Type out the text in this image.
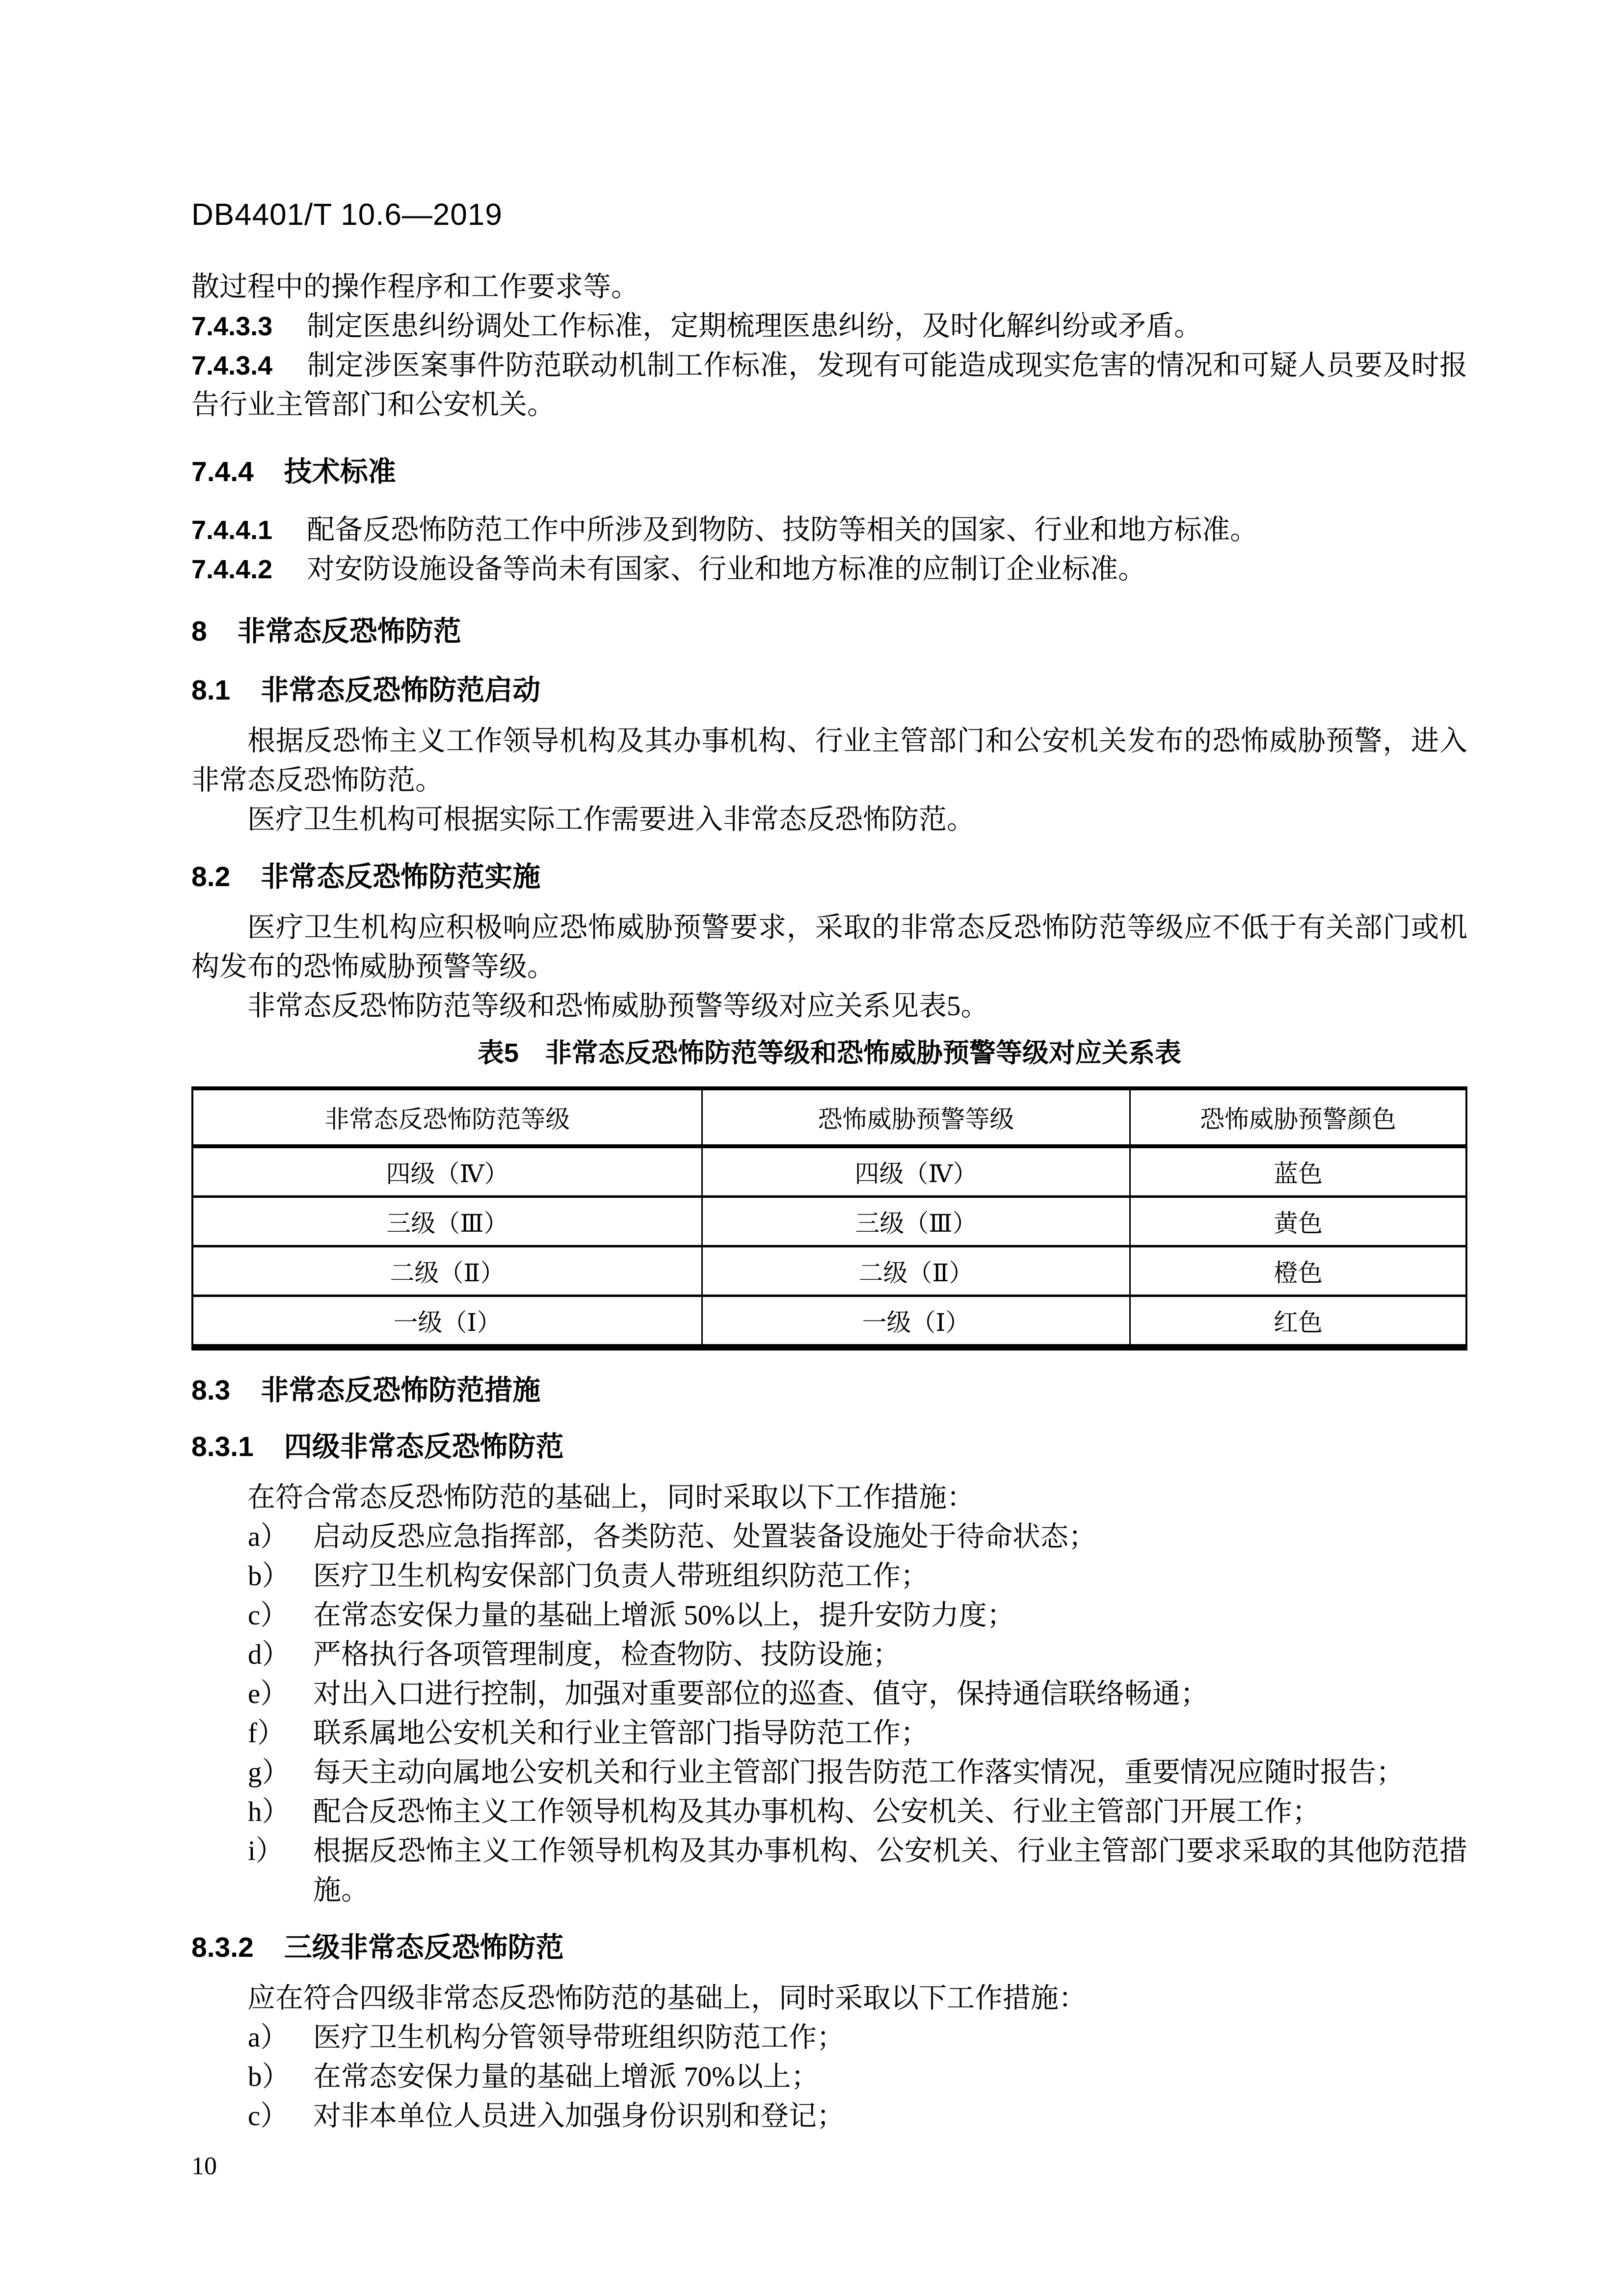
DB4401/T 10.6—2019

散过程中的操作程序和工作要求等。

7.4.3.3 制定医患纠纷调处工作标准，定期梳理医患纠纷，及时化解纠纷或矛盾。

7.4.3.4 制定涉医案事件防范联动机制工作标准，发现有可能造成现实危害的情况和可疑人员要及时报告行业主管部门和公安机关。

7.4.4 技术标准

7.4.4.1 配备反恐怖防范工作中所涉及到物防、技防等相关的国家、行业和地方标准。

7.4.4.2 对安防设施设备等尚未有国家、行业和地方标准的应制订企业标准。

8 非常态反恐怖防范
8.1 非常态反恐怖防范启动

根据反恐怖主义工作领导机构及其办事机构、行业主管部门和公安机关发布的恐怖威胁预警，进入非常态反恐怖防范。

医疗卫生机构可根据实际工作需要进入非常态反恐怖防范。

8.2 非常态反恐怖防范实施

医疗卫生机构应积极响应恐怖威胁预警要求，采取的非常态反恐怖防范等级应不低于有关部门或机构发布的恐怖威胁预警等级。

非常态反恐怖防范等级和恐怖威胁预警等级对应关系见表5。

表5　非常态反恐怖防范等级和恐怖威胁预警等级对应关系表
非常态反恐怖防范等级	恐怖威胁预警等级	恐怖威胁预警颜色
四级（Ⅳ）	四级（Ⅳ）	蓝色
三级（Ⅲ）	三级（Ⅲ）	黄色
二级（Ⅱ）	二级（Ⅱ）	橙色
一级（Ⅰ）	一级（Ⅰ）	红色
8.3 非常态反恐怖防范措施
8.3.1 四级非常态反恐怖防范

在符合常态反恐怖防范的基础上，同时采取以下工作措施：

a） 启动反恐应急指挥部，各类防范、处置装备设施处于待命状态；
b） 医疗卫生机构安保部门负责人带班组织防范工作；
c） 在常态安保力量的基础上增派 50%以上，提升安防力度；
d） 严格执行各项管理制度，检查物防、技防设施；
e） 对出入口进行控制，加强对重要部位的巡查、值守，保持通信联络畅通；
f） 联系属地公安机关和行业主管部门指导防范工作；
g） 每天主动向属地公安机关和行业主管部门报告防范工作落实情况，重要情况应随时报告；
h） 配合反恐怖主义工作领导机构及其办事机构、公安机关、行业主管部门开展工作；
i） 根据反恐怖主义工作领导机构及其办事机构、公安机关、行业主管部门要求采取的其他防范措施。
8.3.2 三级非常态反恐怖防范

应在符合四级非常态反恐怖防范的基础上，同时采取以下工作措施：

a） 医疗卫生机构分管领导带班组织防范工作；
b） 在常态安保力量的基础上增派 70%以上；
c） 对非本单位人员进入加强身份识别和登记；
10
